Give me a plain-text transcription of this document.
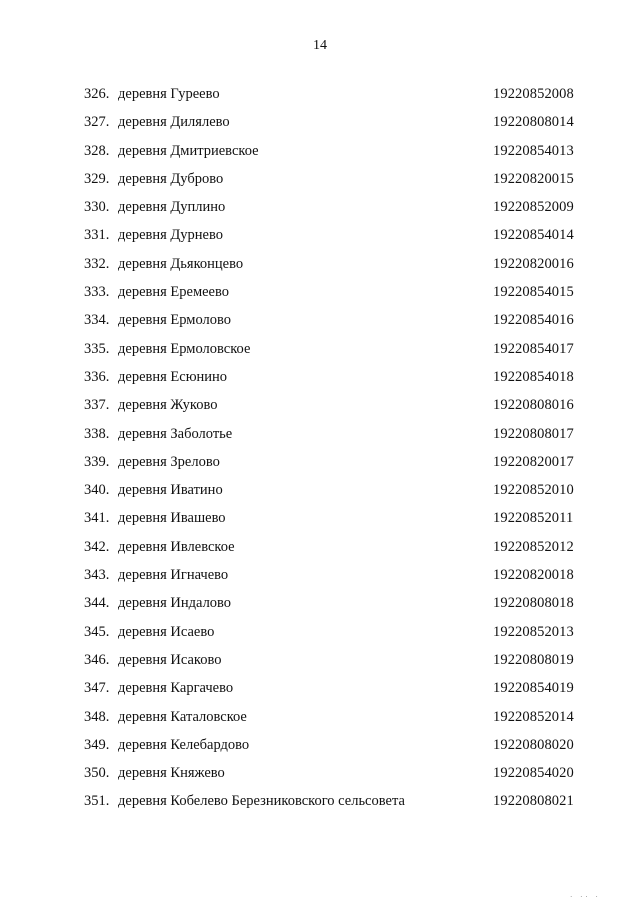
14
326. деревня Гуреево	19220852008
327. деревня Дилялево	19220808014
328. деревня Дмитриевское	19220854013
329. деревня Дуброво	19220820015
330. деревня Дуплино	19220852009
331. деревня Дурнево	19220854014
332. деревня Дьяконцево	19220820016
333. деревня Еремеево	19220854015
334. деревня Ермолово	19220854016
335. деревня Ермоловское	19220854017
336. деревня Есюнино	19220854018
337. деревня Жуково	19220808016
338. деревня Заболотье	19220808017
339. деревня Зрелово	19220820017
340. деревня Иватино	19220852010
341. деревня Ивашево	19220852011
342. деревня Ивлевское	19220852012
343. деревня Игначево	19220820018
344. деревня Индалово	19220808018
345. деревня Исаево	19220852013
346. деревня Исаково	19220808019
347. деревня Каргачево	19220854019
348. деревня Каталовское	19220852014
349. деревня Келебардово	19220808020
350. деревня Княжево	19220854020
351. деревня Кобелево Березниковского сельсовета	19220808021
· ·· ·
